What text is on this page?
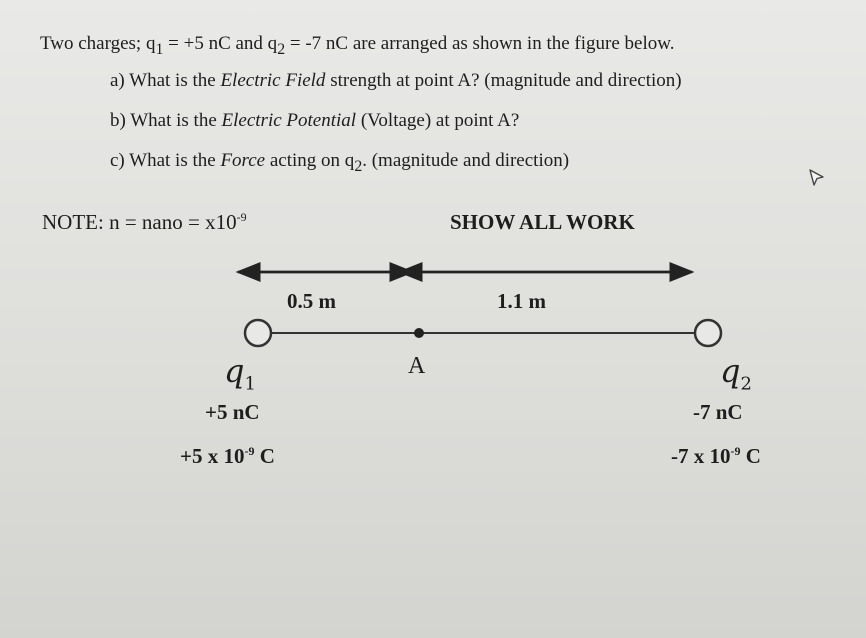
Two charges; $q_1 = +5$ nC and $q_2 = -7$ nC are arranged as shown in the figure below.
a) What is the Electric Field strength at point A? (magnitude and direction)
b) What is the Electric Potential (Voltage) at point A?
c) What is the Force acting on $q_2$. (magnitude and direction)
NOTE: n = nano = $x10^{-9}$	SHOW ALL WORK
0.5 m	1.1 m
A
$q_1$	$q_2$
+5 nC
+5 x $10^{-9}$ C
-7 nC
-7 x $10^{-9}$ C
